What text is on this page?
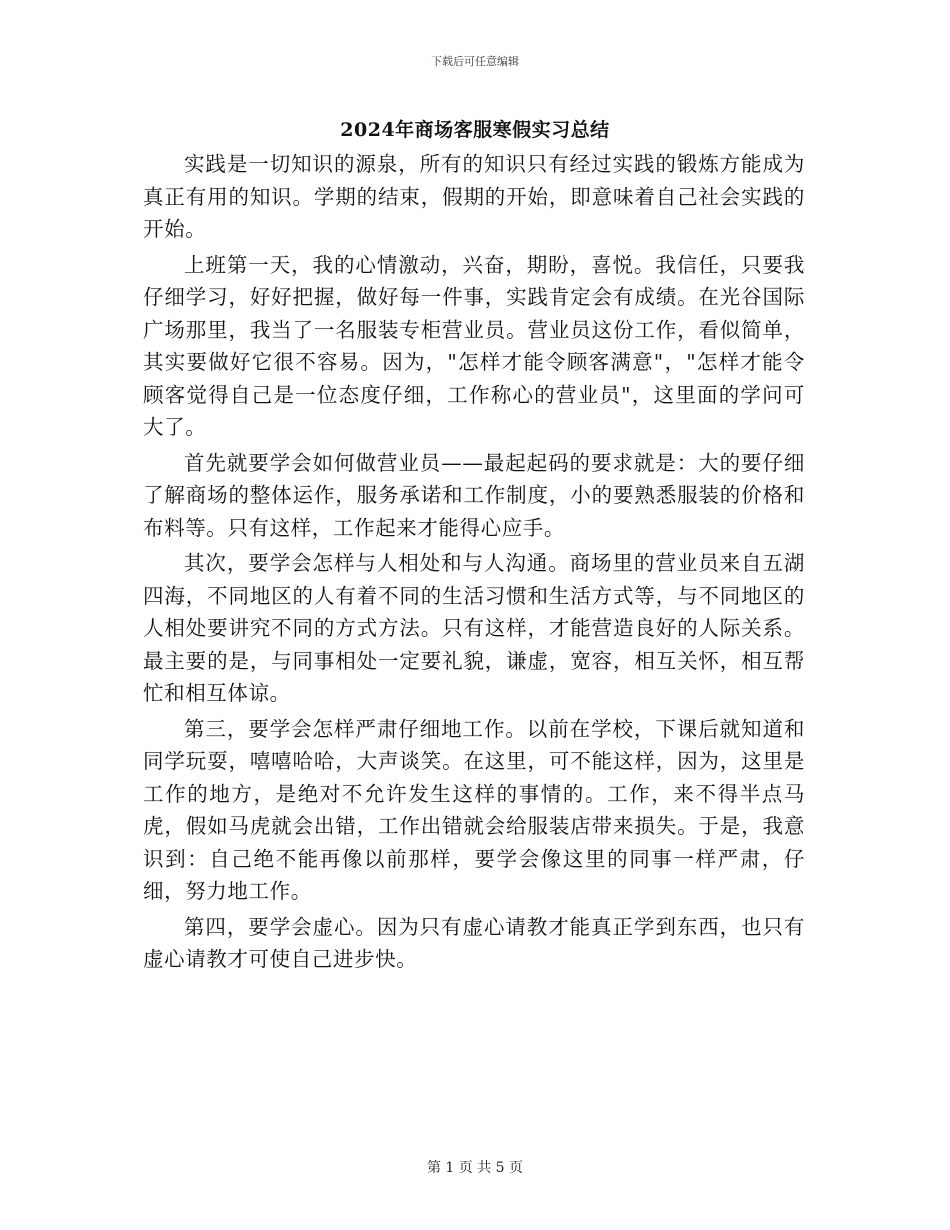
下载后可任意编辑
2024年商场客服寒假实习总结

实践是一切知识的源泉，所有的知识只有经过实践的锻炼方能成为真正有用的知识。学期的结束，假期的开始，即意味着自己社会实践的开始。

上班第一天，我的心情激动，兴奋，期盼，喜悦。我信任，只要我仔细学习，好好把握，做好每一件事，实践肯定会有成绩。在光谷国际广场那里，我当了一名服装专柜营业员。营业员这份工作，看似简单，其实要做好它很不容易。因为，"怎样才能令顾客满意"，"怎样才能令顾客觉得自己是一位态度仔细，工作称心的营业员"，这里面的学问可大了。

首先就要学会如何做营业员——最起起码的要求就是：大的要仔细了解商场的整体运作，服务承诺和工作制度，小的要熟悉服装的价格和布料等。只有这样，工作起来才能得心应手。

其次，要学会怎样与人相处和与人沟通。商场里的营业员来自五湖四海，不同地区的人有着不同的生活习惯和生活方式等，与不同地区的人相处要讲究不同的方式方法。只有这样，才能营造良好的人际关系。最主要的是，与同事相处一定要礼貌，谦虚，宽容，相互关怀，相互帮忙和相互体谅。

第三，要学会怎样严肃仔细地工作。以前在学校，下课后就知道和同学玩耍，嘻嘻哈哈，大声谈笑。在这里，可不能这样，因为，这里是工作的地方，是绝对不允许发生这样的事情的。工作，来不得半点马虎，假如马虎就会出错，工作出错就会给服装店带来损失。于是，我意识到：自己绝不能再像以前那样，要学会像这里的同事一样严肃，仔细，努力地工作。

第四，要学会虚心。因为只有虚心请教才能真正学到东西，也只有虚心请教才可使自己进步快。

第 1 页 共 5 页
